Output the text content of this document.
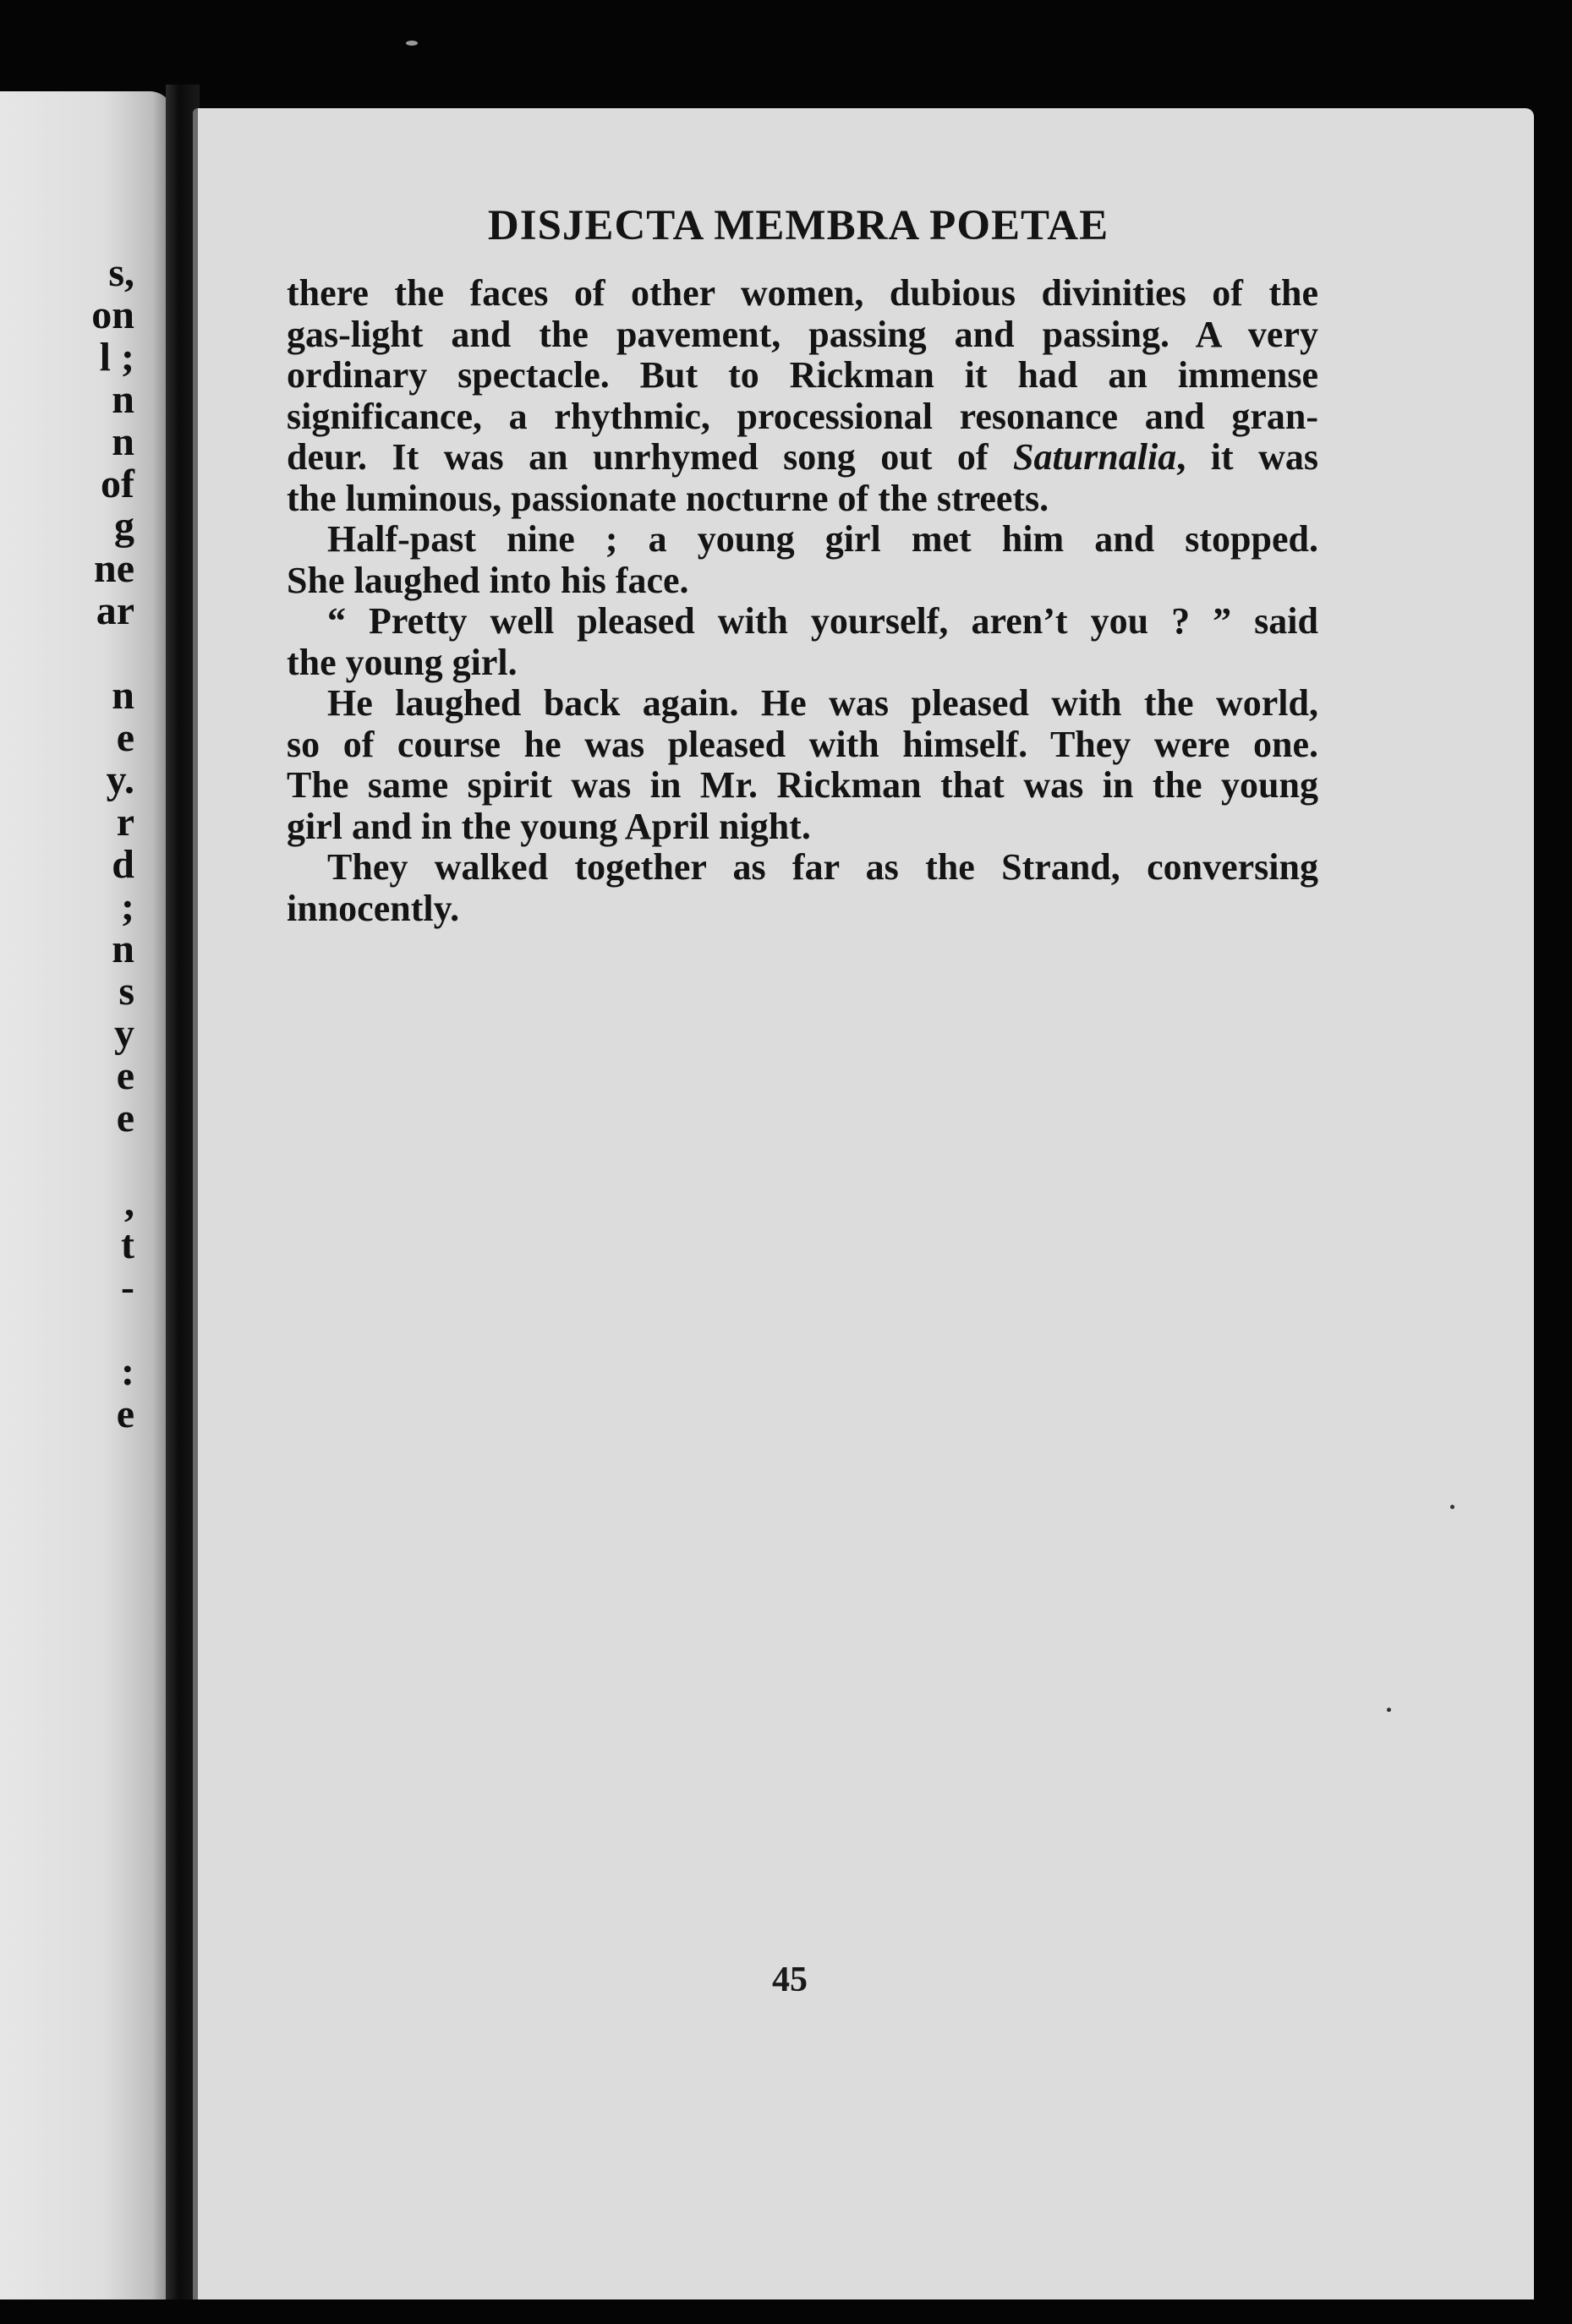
s,
on
l ;
n
n
of
g
ne
ar
n
e
y.
r
d
;
n
s
y
e
e
,
t
-
:
e
DISJECTA MEMBRA POETAE
there the faces of other women, dubious divinities of the
gas-light and the pavement, passing and passing. A very
ordinary spectacle. But to Rickman it had an immense
significance, a rhythmic, processional resonance and gran-
deur. It was an unrhymed song out of Saturnalia, it was
the luminous, passionate nocturne of the streets.
Half-past nine ; a young girl met him and stopped.
She laughed into his face.
“ Pretty well pleased with yourself, aren’t you ? ” said
the young girl.
He laughed back again. He was pleased with the world,
so of course he was pleased with himself. They were one.
The same spirit was in Mr. Rickman that was in the young
girl and in the young April night.
They walked together as far as the Strand, conversing
innocently.
45
